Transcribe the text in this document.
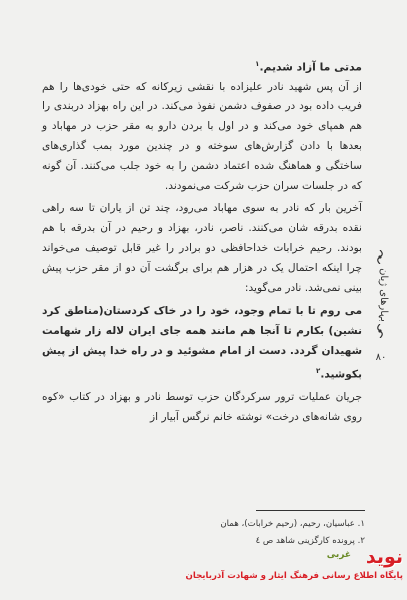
مدتی ما آزاد شدیم.$^۱$

از آن پس شهید نادر علیزاده با نقشی زیرکانه که حتی خودی‌ها را هم فریب داده بود در صفوف دشمن نفوذ می‌کند. در این راه بهزاد دربندی را هم همپای خود می‌کند و در اول با بردن دارو به مقر حزب در مهاباد و بعدها با دادن گزارش‌های سوخته و در چندین مورد بمب گذاری‌های ساختگی و هماهنگ شده اعتماد دشمن را به خود جلب می‌کنند. آن گونه که در جلسات سران حزب شرکت می‌نمودند.

آخرین بار که نادر به سوی مهاباد می‌رود، چند تن از یاران تا سه راهی نقده بدرقه شان می‌کنند. ناصر، نادر، بهزاد و رحیم در آن بدرقه با هم بودند. رحیم خرابات خداحافظی دو برادر را غیر قابل توصیف می‌خواند چرا اینکه احتمال یک در هزار هم برای برگشت آن دو از مقر حزب پیش بینی نمی‌شد. نادر می‌گوید:

می روم تا با تمام وجود، خود را در خاک کردستان(مناطق کرد نشین) بکارم تا آنجا هم مانند همه جای ایران لاله زار شهامت شهیدان گردد. دست از امام مشوئید و در راه خدا پیش از پیش بکوشید.$^۲$

جریان عملیات ترور سرکردگان حزب توسط نادر و بهزاد در کتاب «کوه روی شانه‌های درخت» نوشته خانم نرگس آبیار از

۱. عباسیان، رحیم، (رحیم خرابات)، همان
۲. پرونده کارگزینی شاهد ص ٤
بہارهای ژیان
۸۰
غربی نوید
پایگاه اطلاع رسانی فرهنگ ایثار و شهادت آذربایجان
